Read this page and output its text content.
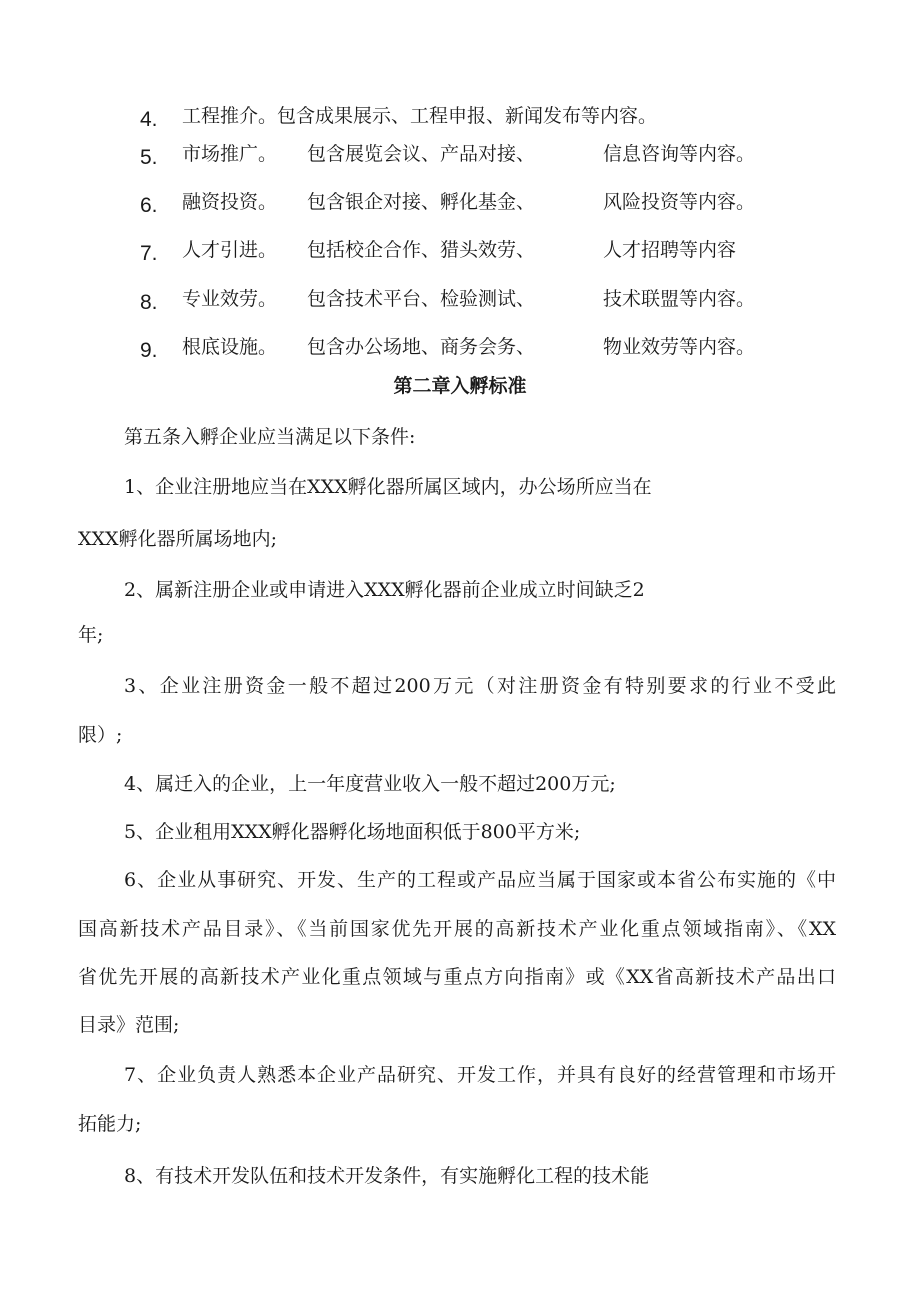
4. 工程推介。包含成果展示、工程申报、新闻发布等内容。
5. 市场推广。 包含展览会议、产品对接、	信息咨询等内容。
6. 融资投资。 包含银企对接、孵化基金、	风险投资等内容。
7. 人才引进。 包括校企合作、猎头效劳、	人才招聘等内容
8. 专业效劳。 包含技术平台、检验测试、	技术联盟等内容。
9. 根底设施。 包含办公场地、商务会务、	物业效劳等内容。
第二章入孵标准
第五条入孵企业应当满足以下条件:
1、企业注册地应当在XXX孵化器所属区域内，办公场所应当在
XXX孵化器所属场地内;
2、属新注册企业或申请进入XXX孵化器前企业成立时间缺乏2
年;
3、企业注册资金一般不超过200万元（对注册资金有特别要求的行业不受此
限）;
4、属迁入的企业，上一年度营业收入一般不超过200万元;
5、企业租用XXX孵化器孵化场地面积低于800平方米;
6、企业从事研究、开发、生产的工程或产品应当属于国家或本省公布实施的《中
国高新技术产品目录》、《当前国家优先开展的高新技术产业化重点领域指南》、《XX
省优先开展的高新技术产业化重点领域与重点方向指南》或《XX省高新技术产品出口
目录》范围;
7、企业负责人熟悉本企业产品研究、开发工作，并具有良好的经营管理和市场开
拓能力;
8、有技术开发队伍和技术开发条件，有实施孵化工程的技术能
